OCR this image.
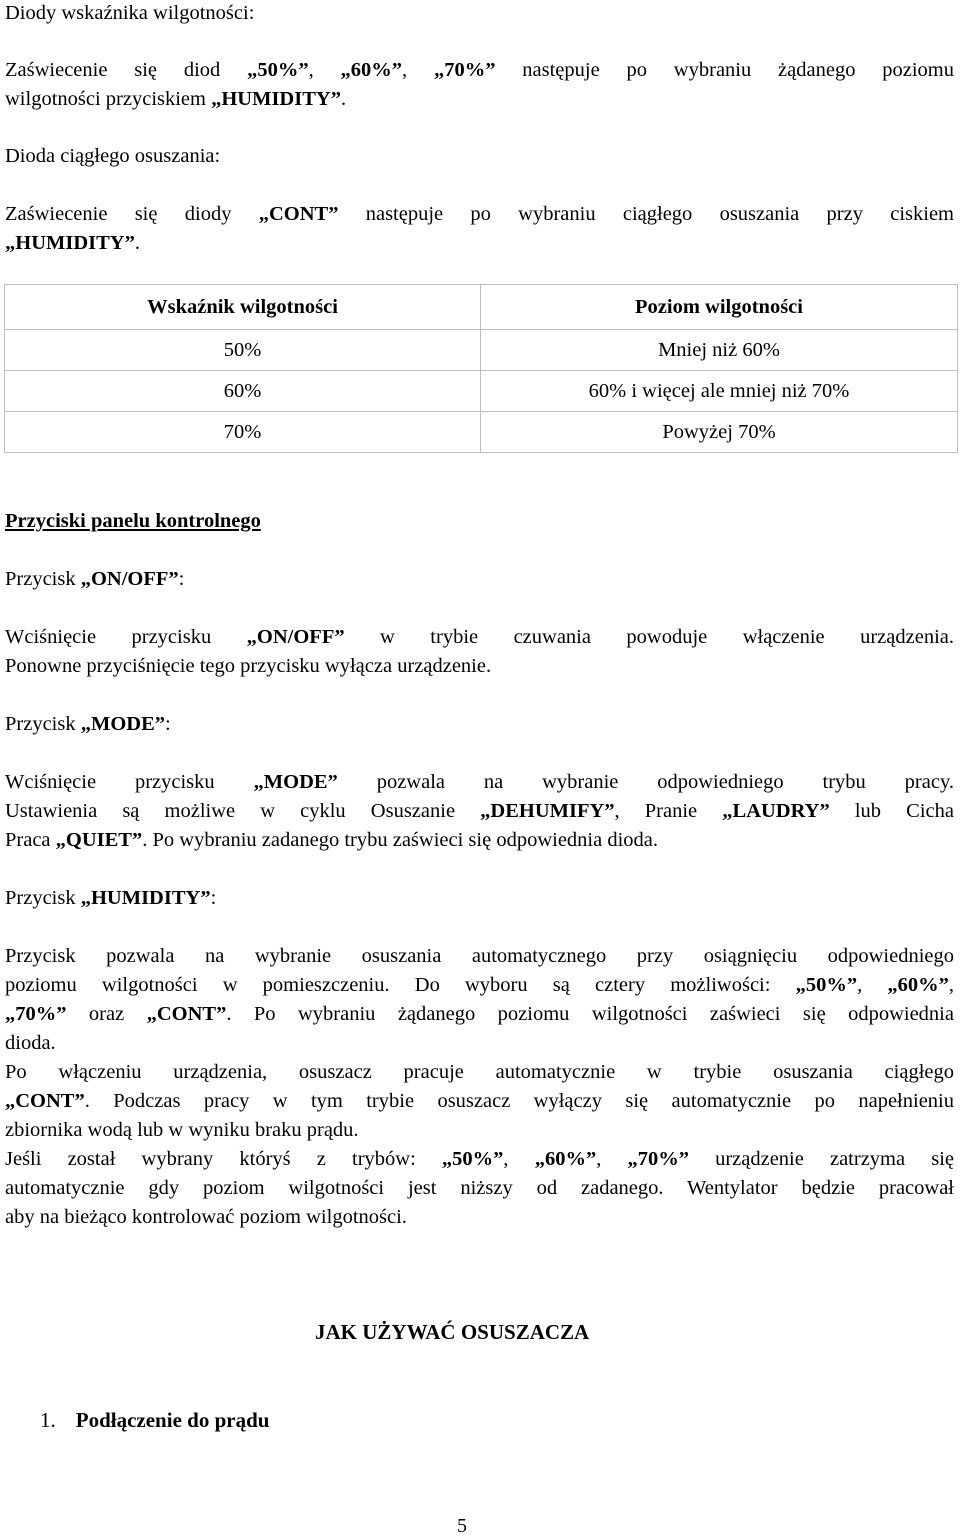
Diody wskaźnika wilgotności:
Zaświecenie się diod „50%”, „60%”, „70%” następuje po wybraniu żądanego poziomu
wilgotności przyciskiem „HUMIDITY”.
Dioda ciągłego osuszania:
Zaświecenie się diody „CONT” następuje po wybraniu ciągłego osuszania przy ciskiem
„HUMIDITY”.
Wskaźnik wilgotności	Poziom wilgotności
50%	Mniej niż 60%
60%	60% i więcej ale mniej niż 70%
70%	Powyżej 70%
Przyciski panelu kontrolnego
Przycisk „ON/OFF”:
Wciśnięcie przycisku „ON/OFF” w trybie czuwania powoduje włączenie urządzenia.
Ponowne przyciśnięcie tego przycisku wyłącza urządzenie.
Przycisk „MODE”:
Wciśnięcie przycisku „MODE” pozwala na wybranie odpowiedniego trybu pracy.
Ustawienia są możliwe w cyklu Osuszanie „DEHUMIFY”, Pranie „LAUDRY” lub Cicha
Praca „QUIET”. Po wybraniu zadanego trybu zaświeci się odpowiednia dioda.
Przycisk „HUMIDITY”:
Przycisk pozwala na wybranie osuszania automatycznego przy osiągnięciu odpowiedniego
poziomu wilgotności w pomieszczeniu. Do wyboru są cztery możliwości: „50%”, „60%”,
„70%” oraz „CONT”. Po wybraniu żądanego poziomu wilgotności zaświeci się odpowiednia
dioda.
Po włączeniu urządzenia, osuszacz pracuje automatycznie w trybie osuszania ciągłego
„CONT”. Podczas pracy w tym trybie osuszacz wyłączy się automatycznie po napełnieniu
zbiornika wodą lub w wyniku braku prądu.
Jeśli został wybrany któryś z trybów: „50%”, „60%”, „70%” urządzenie zatrzyma się
automatycznie gdy poziom wilgotności jest niższy od zadanego. Wentylator będzie pracował
aby na bieżąco kontrolować poziom wilgotności.
JAK UŻYWAĆ OSUSZACZA
1. Podłączenie do prądu
5
